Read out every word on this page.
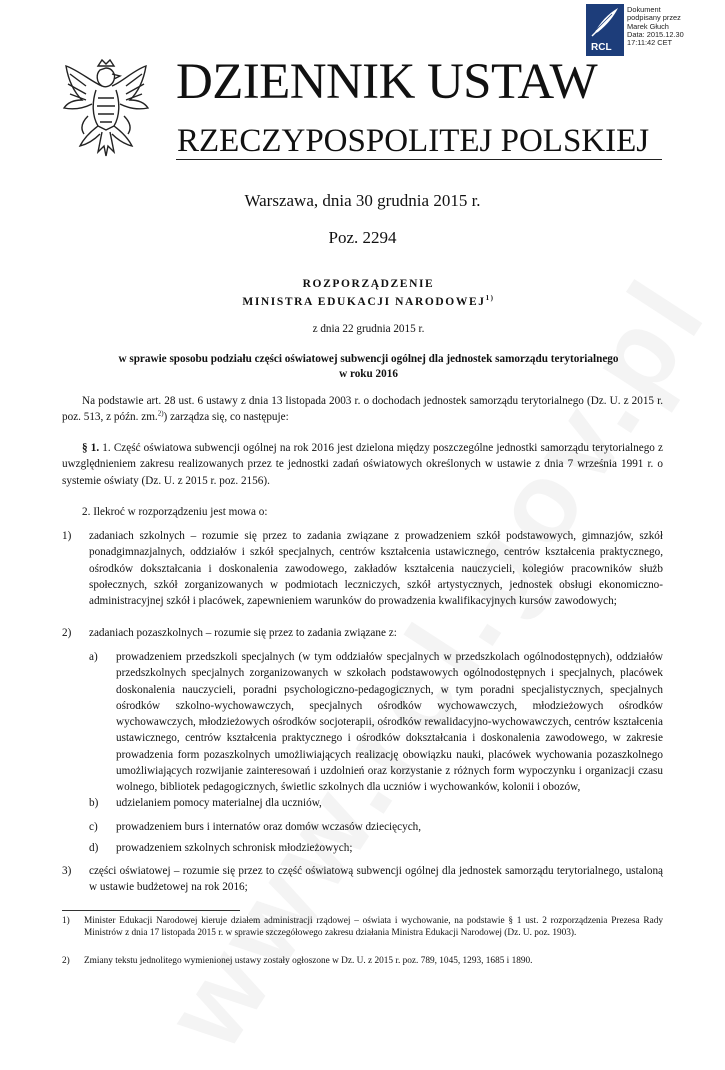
RCL
Dokument
podpisany przez
Marek Głuch
Data: 2015.12.30
17:11:42 CET
DZIENNIK USTAW
RZECZYPOSPOLITEJ POLSKIEJ
Warszawa, dnia 30 grudnia 2015 r.
Poz. 2294
ROZPORZĄDZENIE
MINISTRA EDUKACJI NARODOWEJ$^{1)}$
z dnia 22 grudnia 2015 r.
w sprawie sposobu podziału części oświatowej subwencji ogólnej dla jednostek samorządu terytorialnego
w roku 2016
Na podstawie art. 28 ust. 6 ustawy z dnia 13 listopada 2003 r. o dochodach jednostek samorządu terytorialnego (Dz. U. z 2015 r. poz. 513, z późn. zm.$^{2)}$) zarządza się, co następuje:
§ 1. 1. Część oświatowa subwencji ogólnej na rok 2016 jest dzielona między poszczególne jednostki samorządu terytorialnego z uwzględnieniem zakresu realizowanych przez te jednostki zadań oświatowych określonych w ustawie z dnia 7 września 1991 r. o systemie oświaty (Dz. U. z 2015 r. poz. 2156).
2. Ilekroć w rozporządzeniu jest mowa o:
1)	zadaniach szkolnych – rozumie się przez to zadania związane z prowadzeniem szkół podstawowych, gimnazjów, szkół ponadgimnazjalnych, oddziałów i szkół specjalnych, centrów kształcenia ustawicznego, centrów kształcenia praktycznego, ośrodków dokształcania i doskonalenia zawodowego, zakładów kształcenia nauczycieli, kolegiów pracowników służb społecznych, szkół zorganizowanych w podmiotach leczniczych, szkół artystycznych, jednostek obsługi ekonomiczno-administracyjnej szkół i placówek, zapewnieniem warunków do prowadzenia kwalifikacyjnych kursów zawodowych;
2)	zadaniach pozaszkolnych – rozumie się przez to zadania związane z:
a)	prowadzeniem przedszkoli specjalnych (w tym oddziałów specjalnych w przedszkolach ogólnodostępnych), oddziałów przedszkolnych specjalnych zorganizowanych w szkołach podstawowych ogólnodostępnych i specjalnych, placówek doskonalenia nauczycieli, poradni psychologiczno-pedagogicznych, w tym poradni specjalistycznych, specjalnych ośrodków szkolno-wychowawczych, specjalnych ośrodków wychowawczych, młodzieżowych ośrodków wychowawczych, młodzieżowych ośrodków socjoterapii, ośrodków rewalidacyjno-wychowawczych, centrów kształcenia ustawicznego, centrów kształcenia praktycznego i ośrodków dokształcania i doskonalenia zawodowego, w zakresie prowadzenia form pozaszkolnych umożliwiających realizację obowiązku nauki, placówek wychowania pozaszkolnego umożliwiających rozwijanie zainteresowań i uzdolnień oraz korzystanie z różnych form wypoczynku i organizacji czasu wolnego, bibliotek pedagogicznych, świetlic szkolnych dla uczniów i wychowanków, kolonii i obozów,
b)	udzielaniem pomocy materialnej dla uczniów,
c)	prowadzeniem burs i internatów oraz domów wczasów dziecięcych,
d)	prowadzeniem szkolnych schronisk młodzieżowych;
3)	części oświatowej – rozumie się przez to część oświatową subwencji ogólnej dla jednostek samorządu terytorialnego, ustaloną w ustawie budżetowej na rok 2016;
1)	Minister Edukacji Narodowej kieruje działem administracji rządowej – oświata i wychowanie, na podstawie § 1 ust. 2 rozporządzenia Prezesa Rady Ministrów z dnia 17 listopada 2015 r. w sprawie szczegółowego zakresu działania Ministra Edukacji Narodowej (Dz. U. poz. 1903).
2)	Zmiany tekstu jednolitego wymienionej ustawy zostały ogłoszone w Dz. U. z 2015 r. poz. 789, 1045, 1293, 1685 i 1890.
